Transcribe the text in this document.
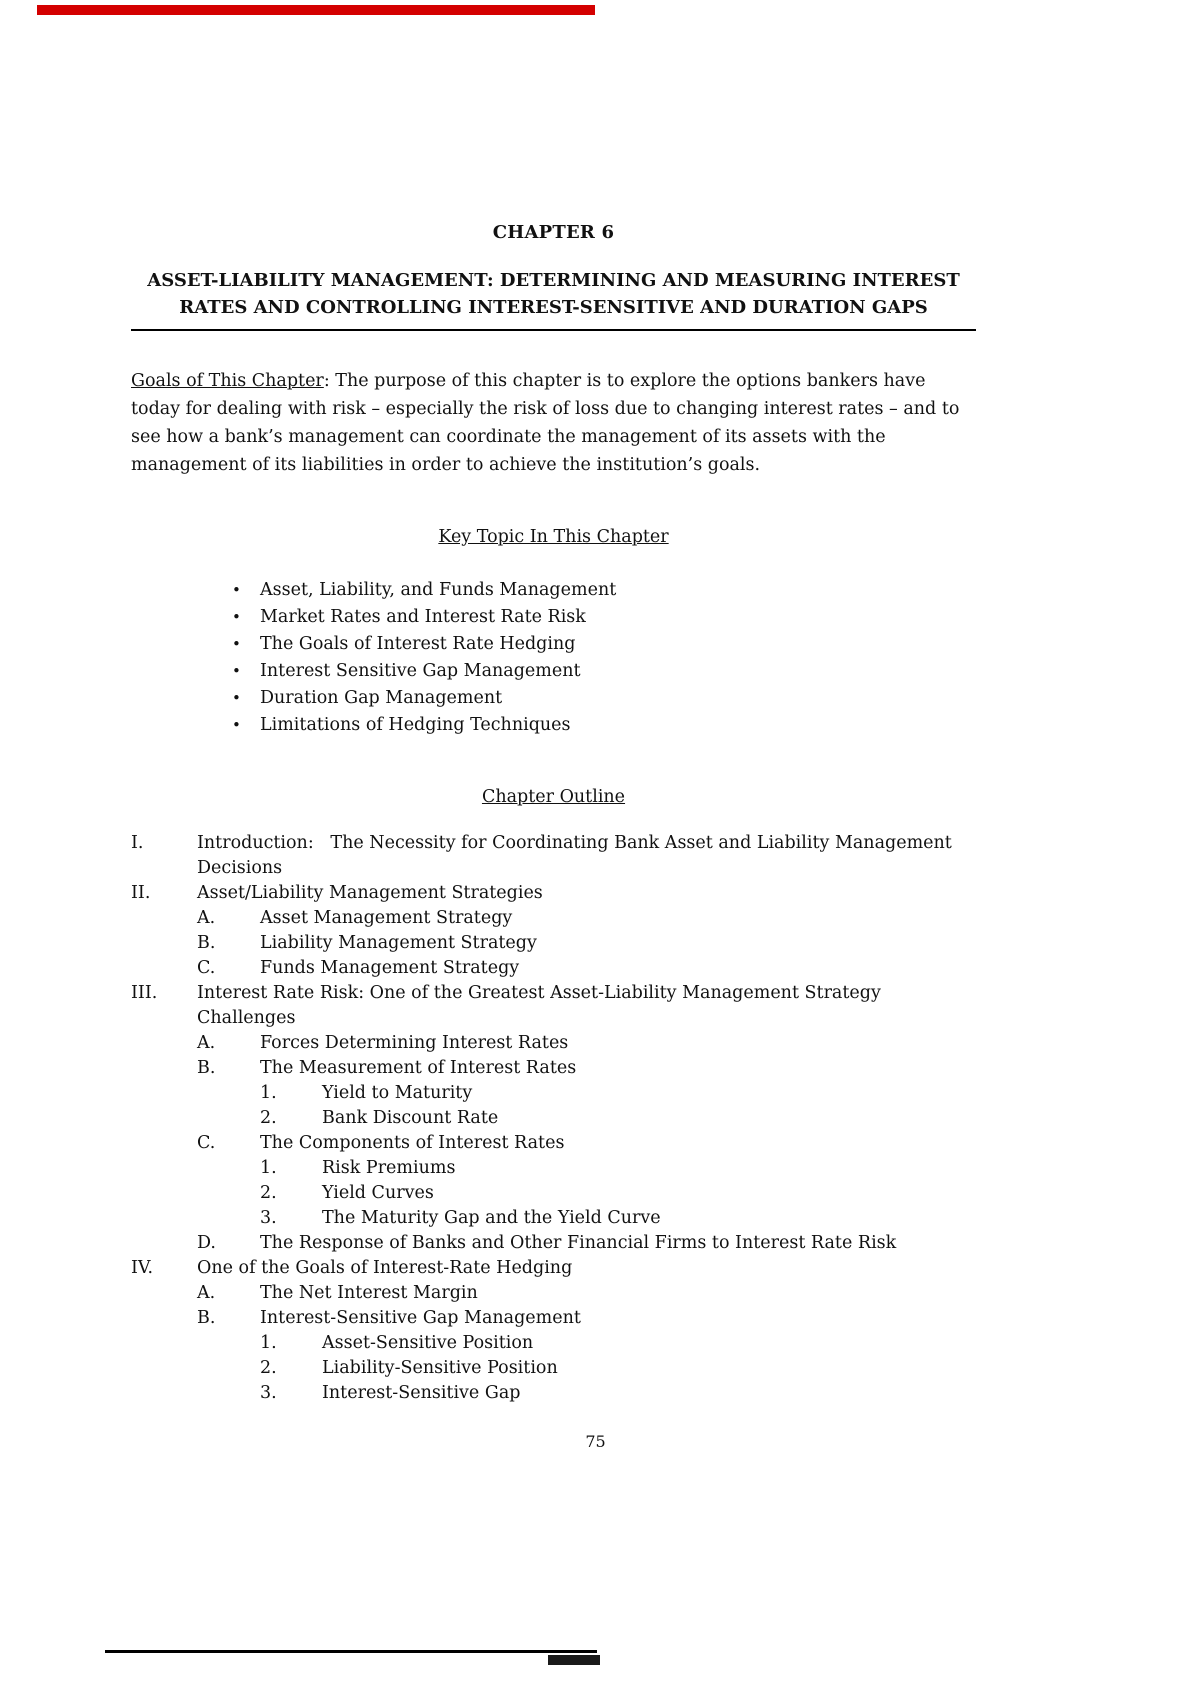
CHAPTER 6
ASSET-LIABILITY MANAGEMENT: DETERMINING AND MEASURING INTEREST RATES AND CONTROLLING INTEREST-SENSITIVE AND DURATION GAPS

Goals of This Chapter: The purpose of this chapter is to explore the options bankers have today for dealing with risk – especially the risk of loss due to changing interest rates – and to see how a bank’s management can coordinate the management of its assets with the management of its liabilities in order to achieve the institution’s goals.

Key Topic In This Chapter
•	Asset, Liability, and Funds Management
•	Market Rates and Interest Rate Risk
•	The Goals of Interest Rate Hedging
•	Interest Sensitive Gap Management
•	Duration Gap Management
•	Limitations of Hedging Techniques
Chapter Outline
I.	Introduction:   The Necessity for Coordinating Bank Asset and Liability Management Decisions
II.	Asset/Liability Management Strategies
A.	Asset Management Strategy
B.	Liability Management Strategy
C.	Funds Management Strategy
III.	Interest Rate Risk: One of the Greatest Asset-Liability Management Strategy Challenges
A.	Forces Determining Interest Rates
B.	The Measurement of Interest Rates
1.	Yield to Maturity
2.	Bank Discount Rate
C.	The Components of Interest Rates
1.	Risk Premiums
2.	Yield Curves
3.	The Maturity Gap and the Yield Curve
D.	The Response of Banks and Other Financial Firms to Interest Rate Risk
IV.	One of the Goals of Interest-Rate Hedging
A.	The Net Interest Margin
B.	Interest-Sensitive Gap Management
1.	Asset-Sensitive Position
2.	Liability-Sensitive Position
3.	Interest-Sensitive Gap
75
